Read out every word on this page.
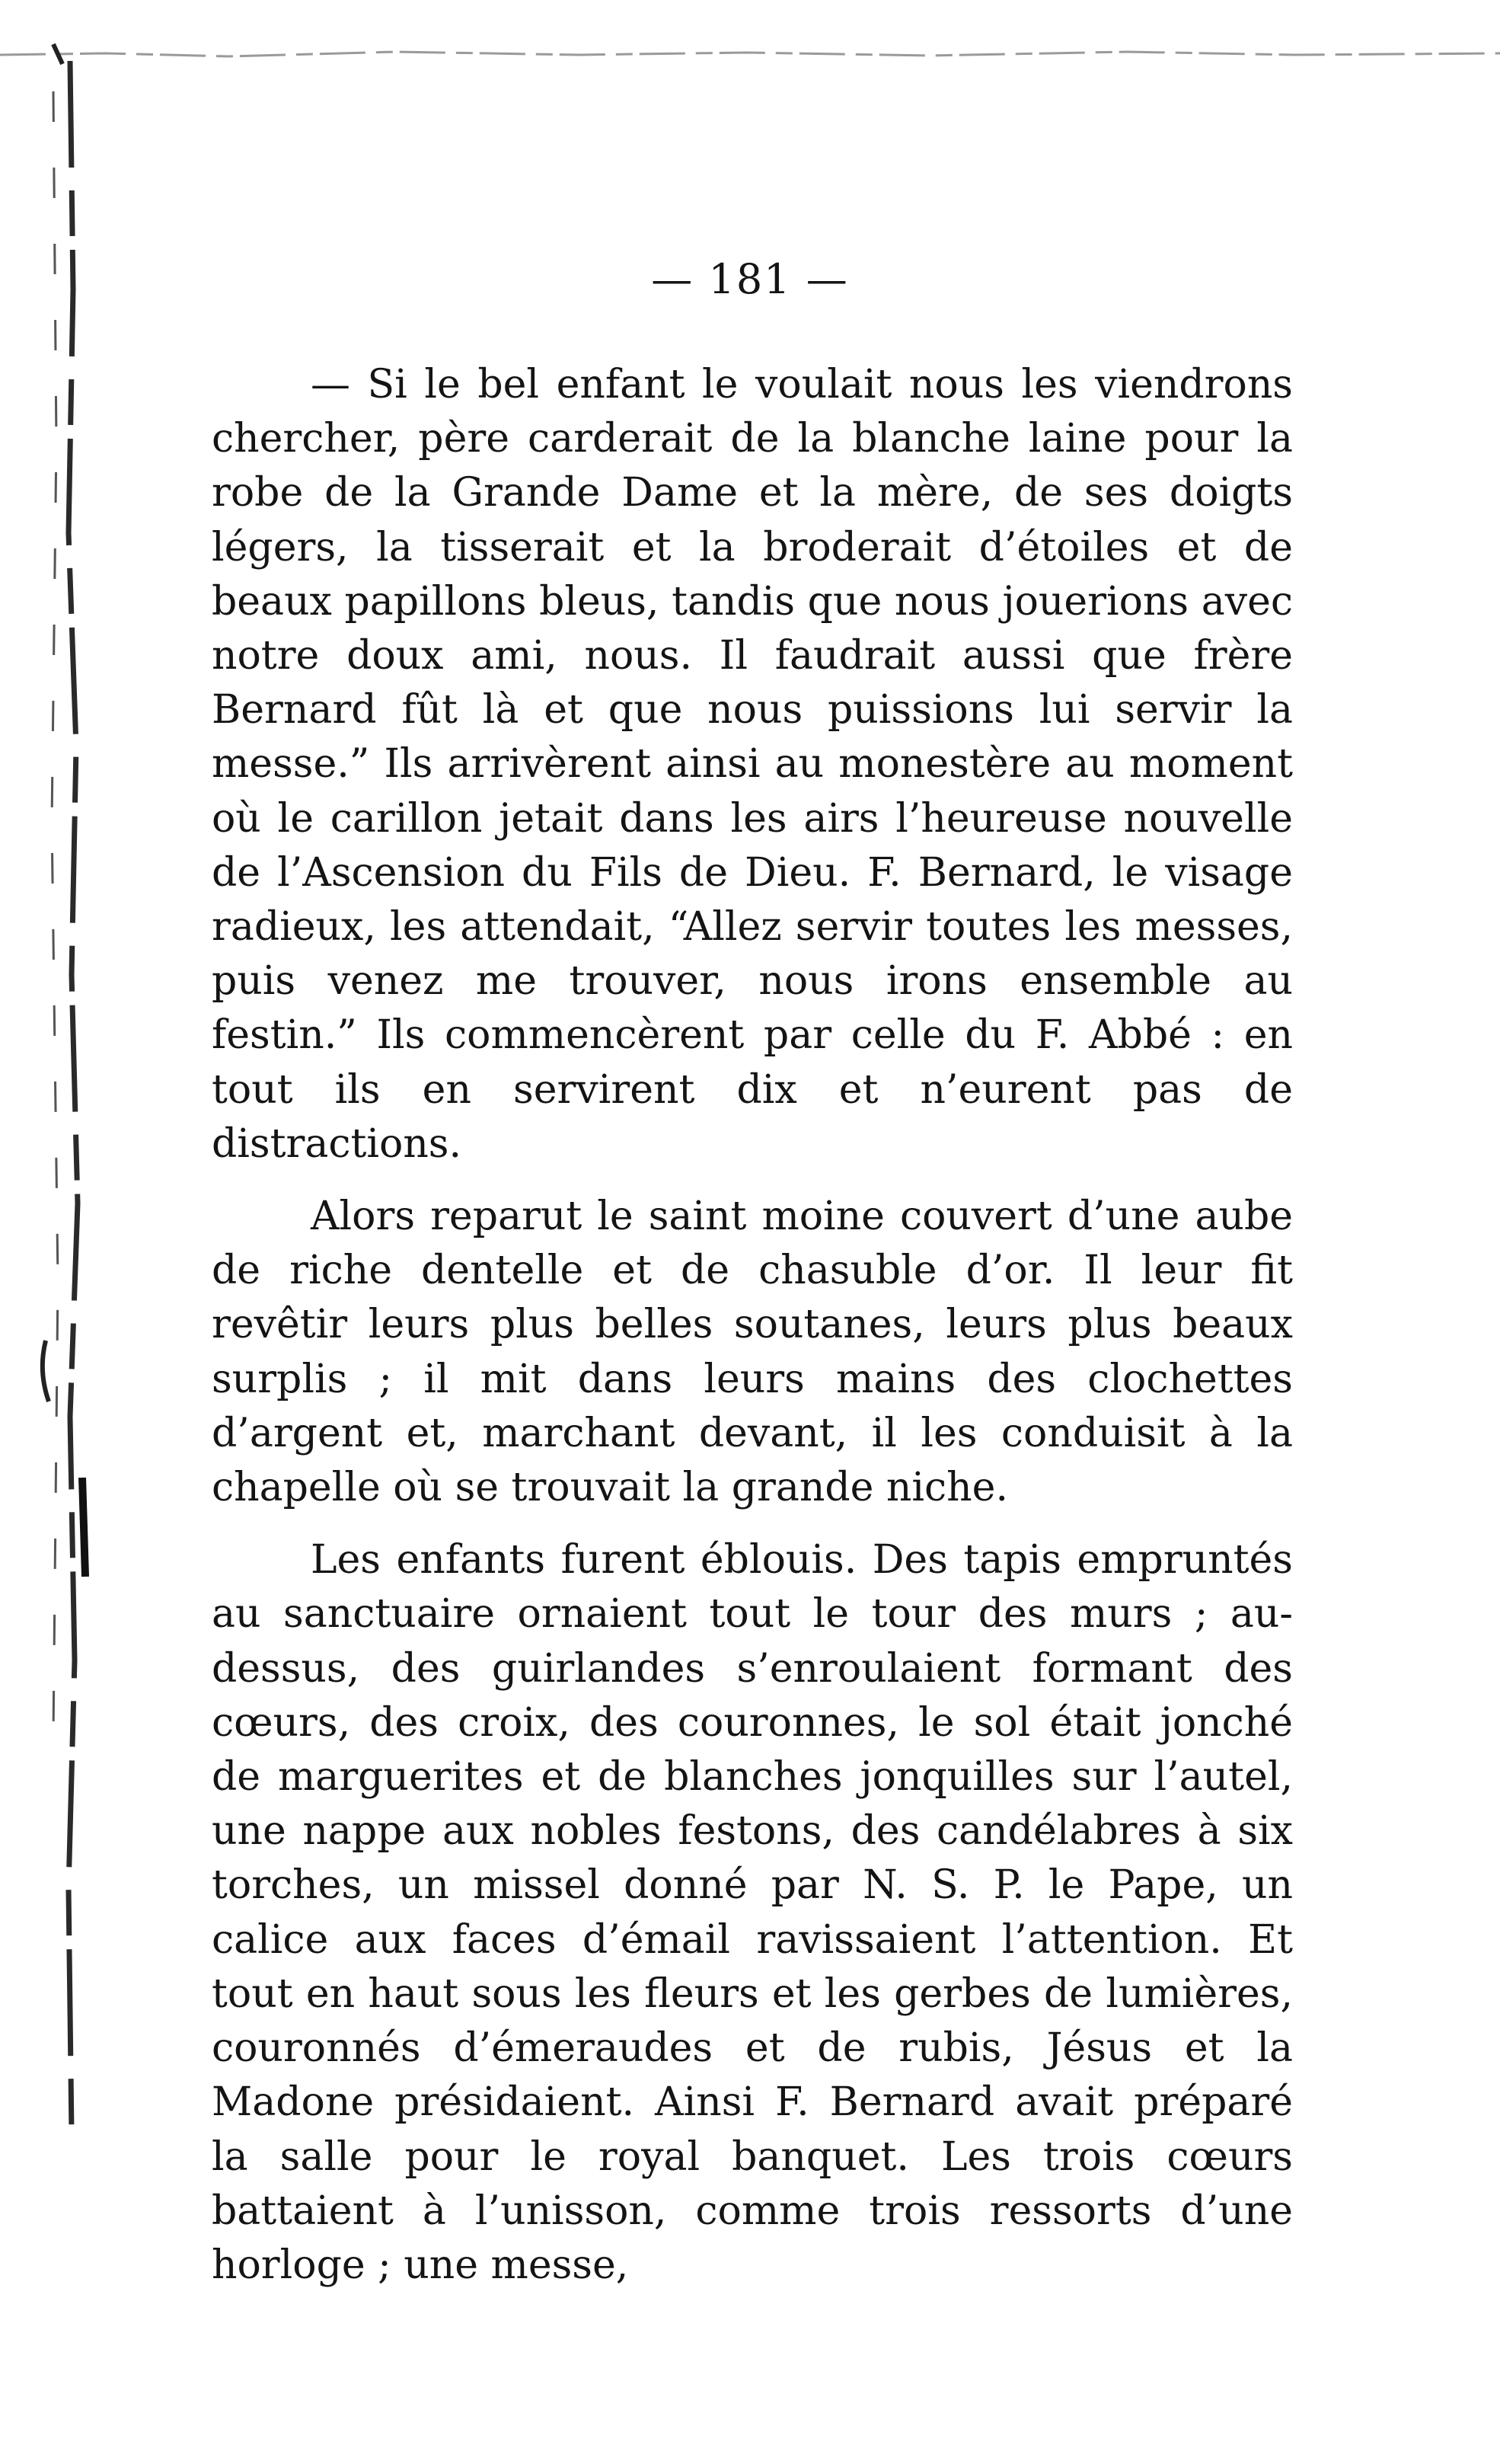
— 181 —

— Si le bel enfant le voulait nous les viendrons chercher, père carderait de la blanche laine pour la robe de la Grande Dame et la mère, de ses doigts légers, la tisserait et la broderait d’étoiles et de beaux papillons bleus, tandis que nous jouerions avec notre doux ami, nous. Il faudrait aussi que frère Bernard fût là et que nous puissions lui servir la messe.” Ils arrivèrent ainsi au monestère au moment où le carillon jetait dans les airs l’heureuse nouvelle de l’Ascension du Fils de Dieu. F. Bernard, le visage radieux, les attendait, “Allez servir toutes les messes, puis venez me trouver, nous irons ensemble au festin.” Ils commencèrent par celle du F. Abbé : en tout ils en servirent dix et n’eurent pas de distractions.

Alors reparut le saint moine couvert d’une aube de riche dentelle et de chasuble d’or. Il leur fit revêtir leurs plus belles soutanes, leurs plus beaux surplis ; il mit dans leurs mains des clochettes d’argent et, marchant devant, il les conduisit à la chapelle où se trouvait la grande niche.

Les enfants furent éblouis. Des tapis empruntés au sanctuaire ornaient tout le tour des murs ; au-dessus, des guirlandes s’enroulaient formant des cœurs, des croix, des couronnes, le sol était jonché de marguerites et de blanches jonquilles sur l’autel, une nappe aux nobles festons, des candélabres à six torches, un missel donné par N. S. P. le Pape, un calice aux faces d’émail ravissaient l’attention. Et tout en haut sous les fleurs et les gerbes de lumières, couronnés d’émeraudes et de rubis, Jésus et la Madone présidaient. Ainsi F. Bernard avait préparé la salle pour le royal banquet. Les trois cœurs battaient à l’unisson, comme trois ressorts d’une horloge ; une messe,
